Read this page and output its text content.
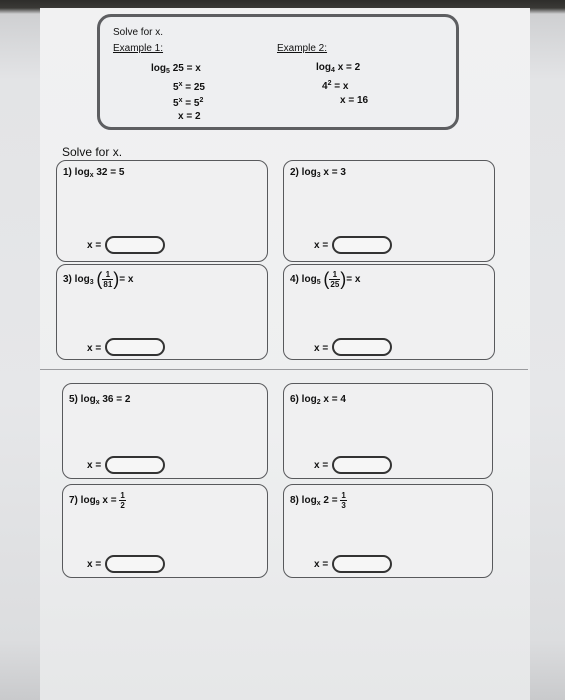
Solve for x.
Example 1:
$\log_5 25 = x$
$5^x = 25$
$5^x = 5^2$
x = 2
Example 2:
$\log_4 x = 2$
$4^2 = x$
x = 16
Solve for x.
1) $\log_x 32 = 5$
x =
2) $\log_3 x = 3$
x =
3) $\log_3$ ( $\frac{1}{81}$ )= x
x =
4) $\log_5$ ( $\frac{1}{25}$ )= x
x =
5) $\log_x 36 = 2$
x =
6) $\log_2 x = 4$
x =
7) $\log_9 x = \frac{1}{2}$
x =
8) $\log_x 2 = \frac{1}{3}$
x =
